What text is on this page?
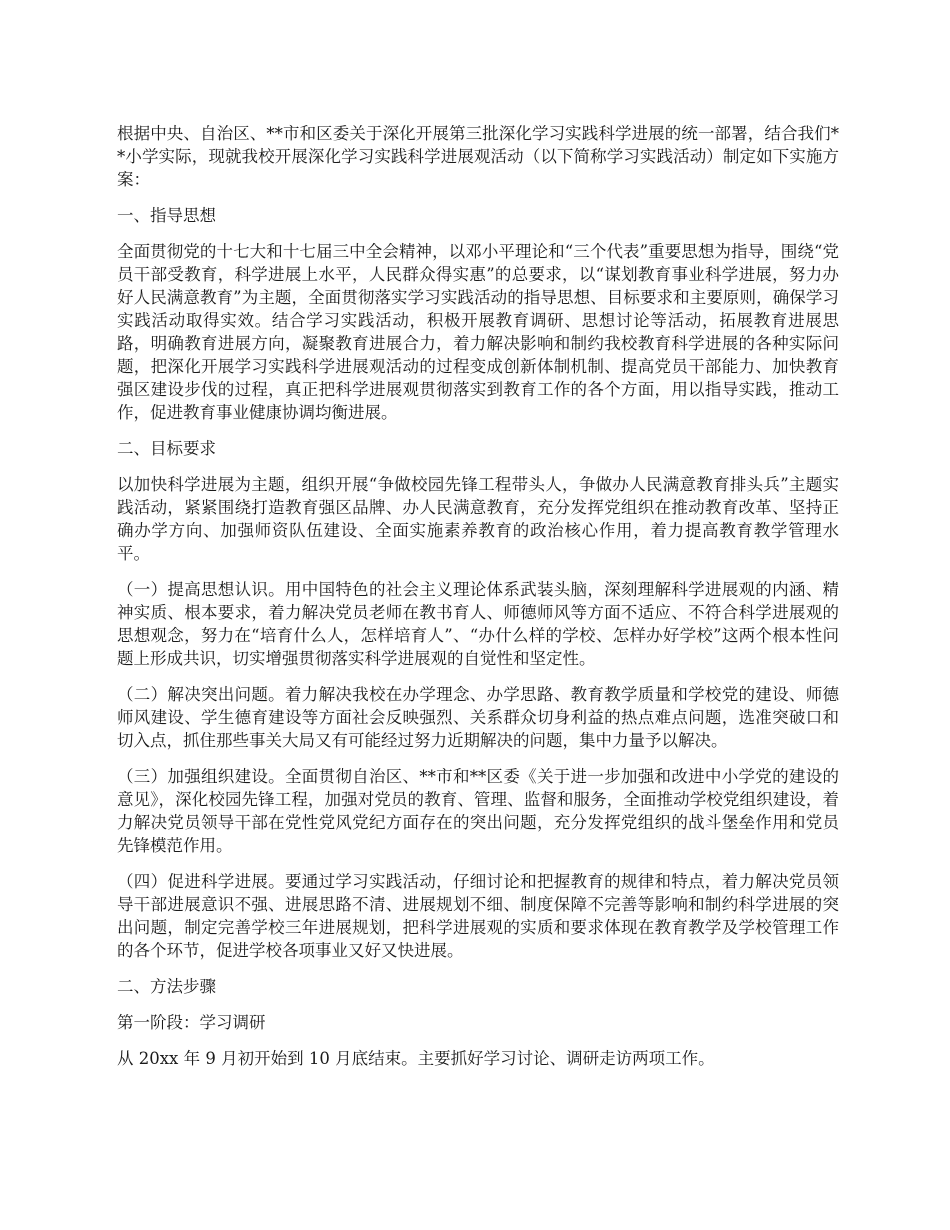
根据中央、自治区、**市和区委关于深化开展第三批深化学习实践科学进展的统一部署，结合我们**小学实际，现就我校开展深化学习实践科学进展观活动（以下简称学习实践活动）制定如下实施方案：

一、指导思想

全面贯彻党的十七大和十七届三中全会精神，以邓小平理论和“三个代表”重要思想为指导，围绕“党员干部受教育，科学进展上水平，人民群众得实惠”的总要求，以“谋划教育事业科学进展，努力办好人民满意教育”为主题，全面贯彻落实学习实践活动的指导思想、目标要求和主要原则，确保学习实践活动取得实效。结合学习实践活动，积极开展教育调研、思想讨论等活动，拓展教育进展思路，明确教育进展方向，凝聚教育进展合力，着力解决影响和制约我校教育科学进展的各种实际问题，把深化开展学习实践科学进展观活动的过程变成创新体制机制、提高党员干部能力、加快教育强区建设步伐的过程，真正把科学进展观贯彻落实到教育工作的各个方面，用以指导实践，推动工作，促进教育事业健康协调均衡进展。

二、目标要求

以加快科学进展为主题，组织开展“争做校园先锋工程带头人，争做办人民满意教育排头兵”主题实践活动，紧紧围绕打造教育强区品牌、办人民满意教育，充分发挥党组织在推动教育改革、坚持正确办学方向、加强师资队伍建设、全面实施素养教育的政治核心作用，着力提高教育教学管理水平。

（一）提高思想认识。用中国特色的社会主义理论体系武装头脑，深刻理解科学进展观的内涵、精神实质、根本要求，着力解决党员老师在教书育人、师德师风等方面不适应、不符合科学进展观的思想观念，努力在“培育什么人，怎样培育人”、“办什么样的学校、怎样办好学校”这两个根本性问题上形成共识，切实增强贯彻落实科学进展观的自觉性和坚定性。

（二）解决突出问题。着力解决我校在办学理念、办学思路、教育教学质量和学校党的建设、师德师风建设、学生德育建设等方面社会反映强烈、关系群众切身利益的热点难点问题，选准突破口和切入点，抓住那些事关大局又有可能经过努力近期解决的问题，集中力量予以解决。

（三）加强组织建设。全面贯彻自治区、**市和**区委《关于进一步加强和改进中小学党的建设的意见》，深化校园先锋工程，加强对党员的教育、管理、监督和服务，全面推动学校党组织建设，着力解决党员领导干部在党性党风党纪方面存在的突出问题，充分发挥党组织的战斗堡垒作用和党员先锋模范作用。

（四）促进科学进展。要通过学习实践活动，仔细讨论和把握教育的规律和特点，着力解决党员领导干部进展意识不强、进展思路不清、进展规划不细、制度保障不完善等影响和制约科学进展的突出问题，制定完善学校三年进展规划，把科学进展观的实质和要求体现在教育教学及学校管理工作的各个环节，促进学校各项事业又好又快进展。

二、方法步骤

第一阶段：学习调研

从 20xx 年 9 月初开始到 10 月底结束。主要抓好学习讨论、调研走访两项工作。
